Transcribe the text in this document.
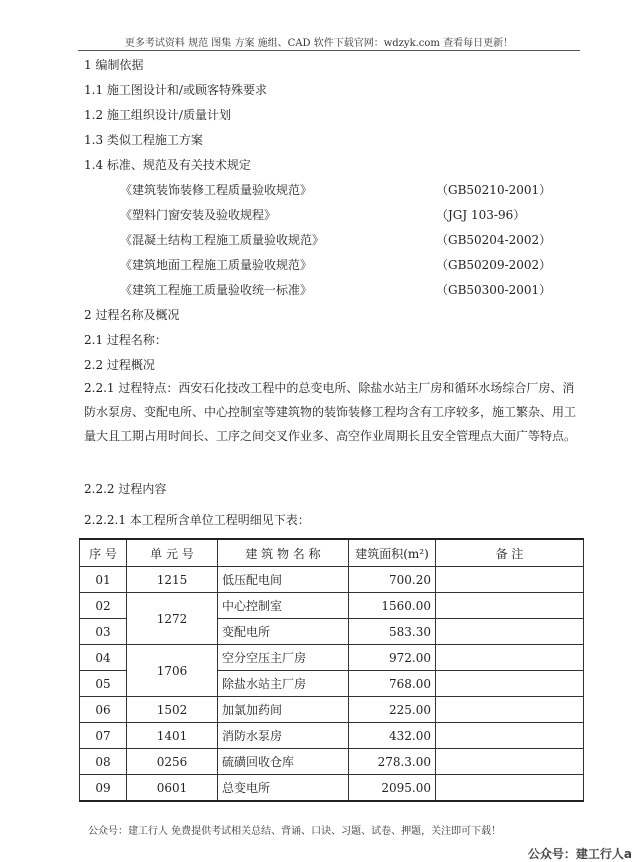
更多考试资料 规范 图集 方案 施组、CAD 软件下载官网：wdzyk.com 查看每日更新！
1 编制依据
1.1 施工图设计和/或顾客特殊要求
1.2 施工组织设计/质量计划
1.3 类似工程施工方案
1.4 标准、规范及有关技术规定
《建筑装饰装修工程质量验收规范》	（GB50210-2001）
《塑料门窗安装及验收规程》	（JGJ 103-96）
《混凝土结构工程施工质量验收规范》	（GB50204-2002）
《建筑地面工程施工质量验收规范》	（GB50209-2002）
《建筑工程施工质量验收统一标准》	（GB50300-2001）
2 过程名称及概况
2.1 过程名称：
2.2 过程概况

2.2.1 过程特点：西安石化技改工程中的总变电所、除盐水站主厂房和循环水场综合厂房、消防水泵房、变配电所、中心控制室等建筑物的装饰装修工程均含有工序较多，施工繁杂、用工量大且工期占用时间长、工序之间交叉作业多、高空作业周期长且安全管理点大面广等特点。

2.2.2 过程内容
2.2.2.1 本工程所含单位工程明细见下表：
序 号	单 元 号	建 筑 物 名 称	建筑面积(m²)	备 注
01	1215	低压配电间	700.20	
02	1272	中心控制室	1560.00	
03		变配电所	583.30	
04	1706	空分空压主厂房	972.00	
05		除盐水站主厂房	768.00	
06	1502	加氯加药间	225.00	
07	1401	消防水泵房	432.00	
08	0256	硫磺回收仓库	278.3.00	
09	0601	总变电所	2095.00	
公众号：建工行人 免费提供考试相关总结、背诵、口诀、习题、试卷、押题，关注即可下载！
公众号：建工行人a
